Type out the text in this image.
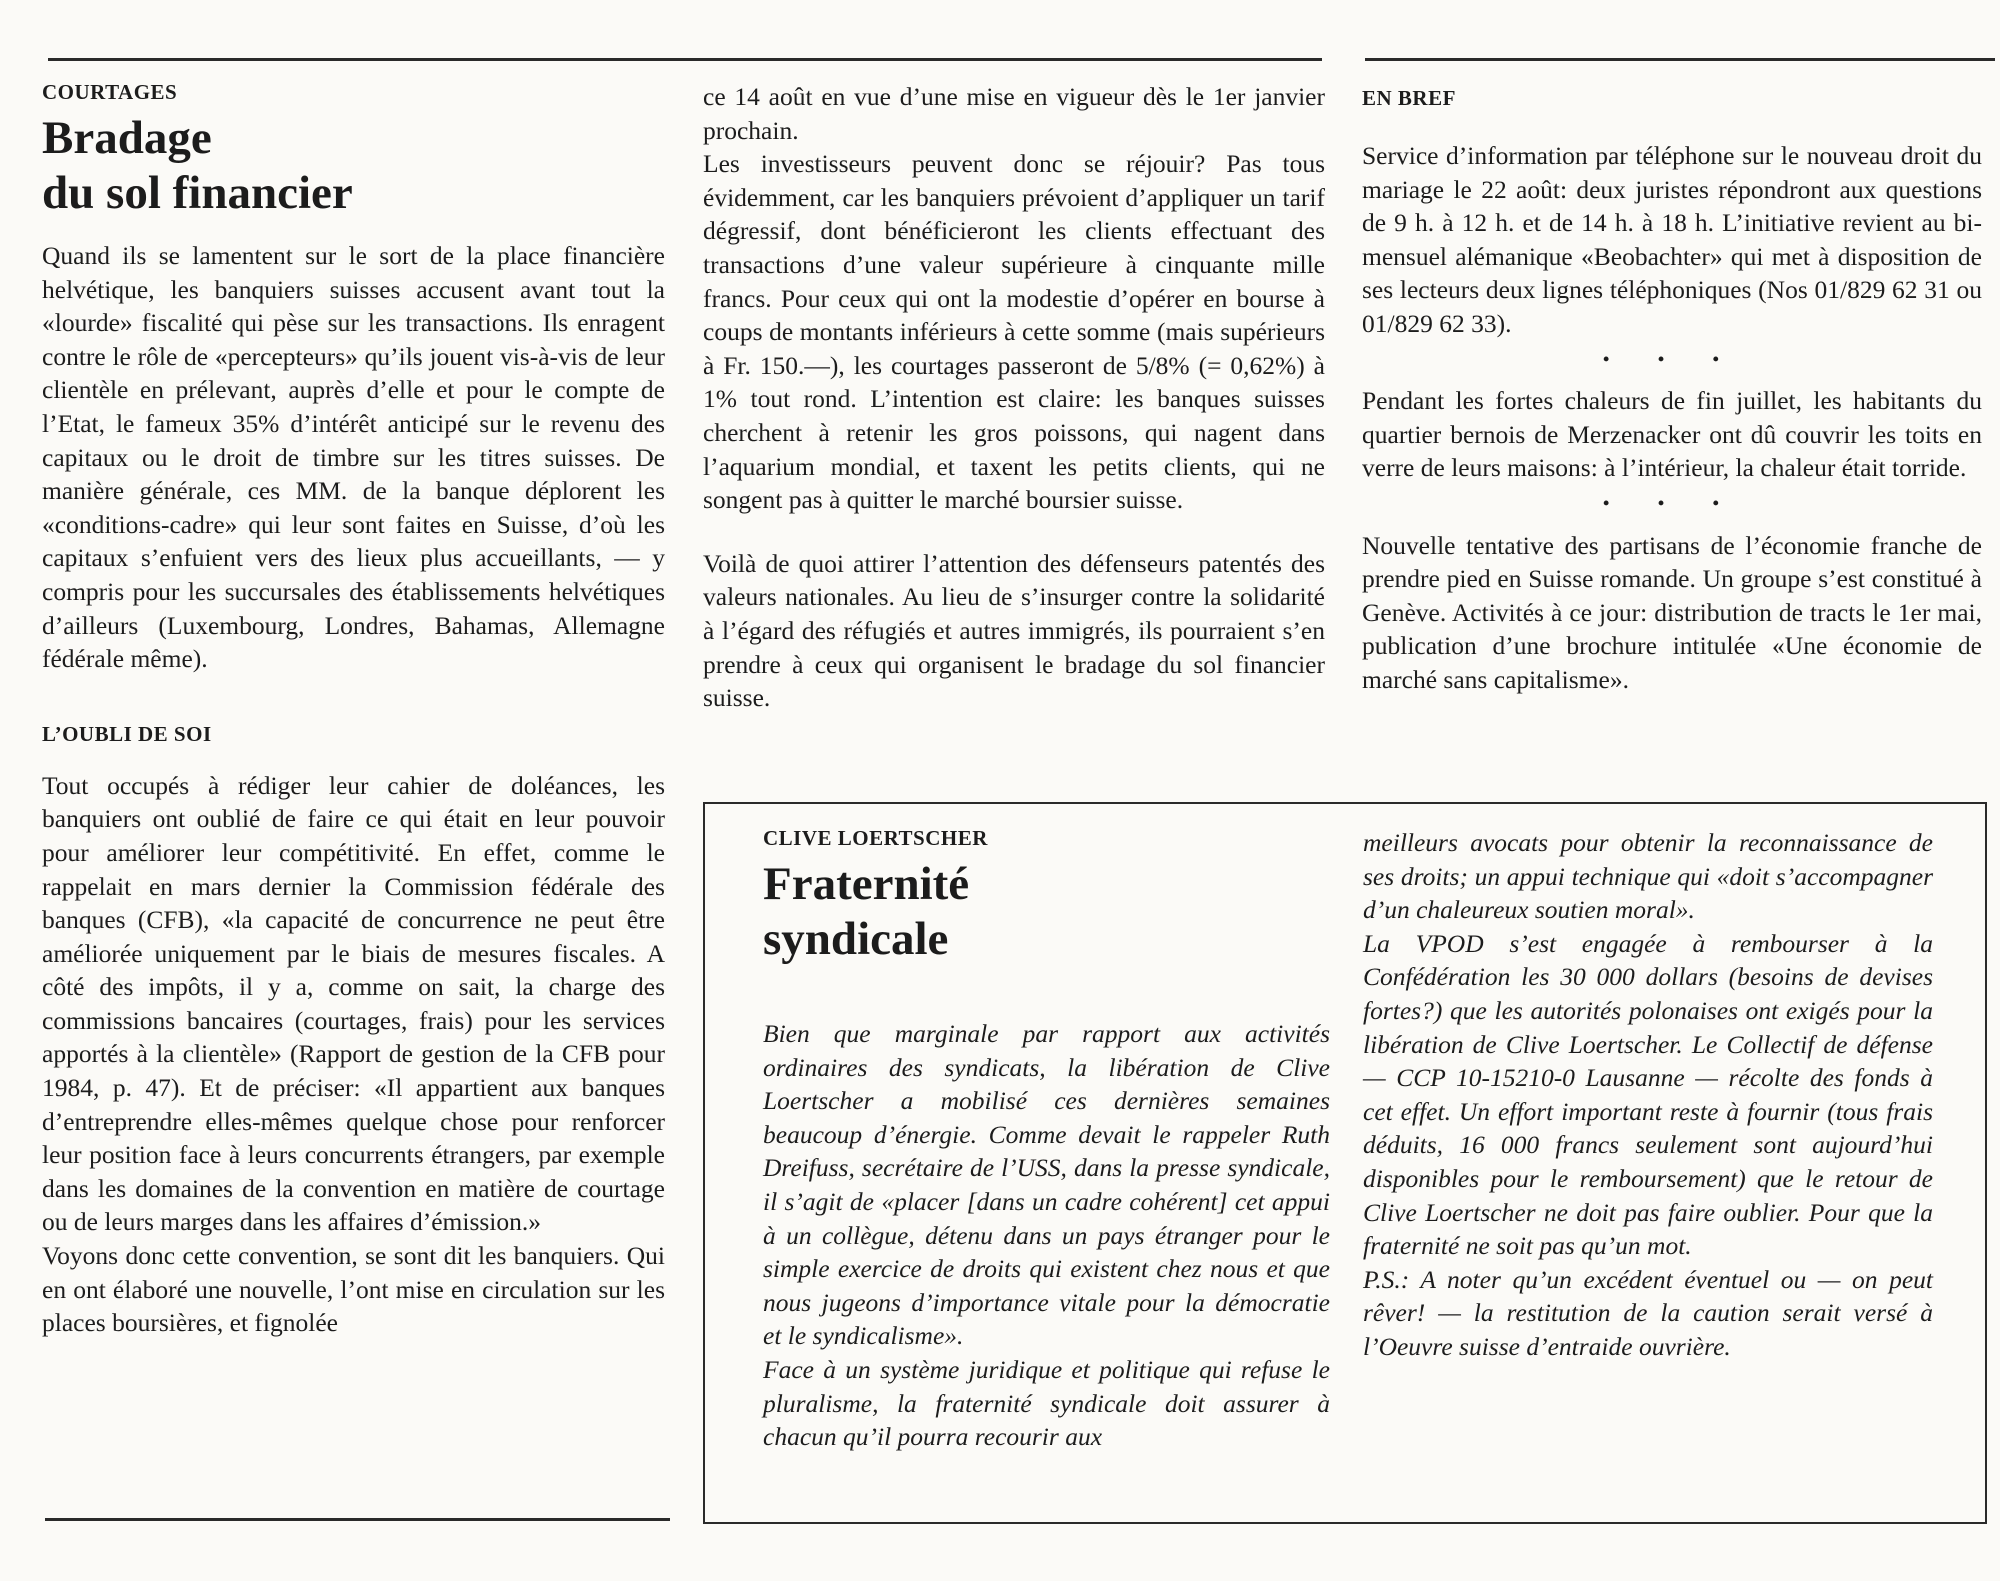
COURTAGES
Bradage
du sol financier

Quand ils se lamentent sur le sort de la place financière helvétique, les banquiers suisses accusent avant tout la «lourde» fiscalité qui pèse sur les transactions. Ils enragent contre le rôle de «percepteurs» qu’ils jouent vis-à-vis de leur clientèle en prélevant, auprès d’elle et pour le compte de l’Etat, le fameux 35% d’intérêt anticipé sur le revenu des capitaux ou le droit de timbre sur les titres suisses. De manière générale, ces MM. de la banque déplorent les «conditions-cadre» qui leur sont faites en Suisse, d’où les capitaux s’enfuient vers des lieux plus accueillants, — y compris pour les succursales des établissements helvétiques d’ailleurs (Luxembourg, Londres, Bahamas, Allemagne fédérale même).

L’OUBLI DE SOI

Tout occupés à rédiger leur cahier de doléances, les banquiers ont oublié de faire ce qui était en leur pouvoir pour améliorer leur compétitivité. En effet, comme le rappelait en mars dernier la Commission fédérale des banques (CFB), «la capacité de concurrence ne peut être améliorée uniquement par le biais de mesures fiscales. A côté des impôts, il y a, comme on sait, la charge des commissions bancaires (courtages, frais) pour les services apportés à la clientèle» (Rapport de gestion de la CFB pour 1984, p. 47). Et de préciser: «Il appartient aux banques d’entreprendre elles-mêmes quelque chose pour renforcer leur position face à leurs concurrents étrangers, par exemple dans les domaines de la convention en matière de courtage ou de leurs marges dans les affaires d’émission.»

Voyons donc cette convention, se sont dit les banquiers. Qui en ont élaboré une nouvelle, l’ont mise en circulation sur les places boursières, et fignolée

ce 14 août en vue d’une mise en vigueur dès le 1er janvier prochain.

Les investisseurs peuvent donc se réjouir? Pas tous évidemment, car les banquiers prévoient d’appliquer un tarif dégressif, dont bénéficieront les clients effectuant des transactions d’une valeur supérieure à cinquante mille francs. Pour ceux qui ont la modestie d’opérer en bourse à coups de montants inférieurs à cette somme (mais supérieurs à Fr. 150.—), les courtages passeront de 5/8% (= 0,62%) à 1% tout rond. L’intention est claire: les banques suisses cherchent à retenir les gros poissons, qui nagent dans l’aquarium mondial, et taxent les petits clients, qui ne songent pas à quitter le marché boursier suisse.

Voilà de quoi attirer l’attention des défenseurs patentés des valeurs nationales. Au lieu de s’insurger contre la solidarité à l’égard des réfugiés et autres immigrés, ils pourraient s’en prendre à ceux qui organisent le bradage du sol financier suisse.

EN BREF

Service d’information par téléphone sur le nouveau droit du mariage le 22 août: deux juristes répondront aux questions de 9 h. à 12 h. et de 14 h. à 18 h. L’initiative revient au bi-mensuel alémanique «Beobachter» qui met à disposition de ses lecteurs deux lignes téléphoniques (Nos 01/829 62 31 ou 01/829 62 33).

• • •

Pendant les fortes chaleurs de fin juillet, les habitants du quartier bernois de Merzenacker ont dû couvrir les toits en verre de leurs maisons: à l’intérieur, la chaleur était torride.

• • •

Nouvelle tentative des partisans de l’économie franche de prendre pied en Suisse romande. Un groupe s’est constitué à Genève. Activités à ce jour: distribution de tracts le 1er mai, publication d’une brochure intitulée «Une économie de marché sans capitalisme».

CLIVE LOERTSCHER
Fraternité
syndicale

Bien que marginale par rapport aux activités ordinaires des syndicats, la libération de Clive Loertscher a mobilisé ces dernières semaines beaucoup d’énergie. Comme devait le rappeler Ruth Dreifuss, secrétaire de l’USS, dans la presse syndicale, il s’agit de «placer [dans un cadre cohérent] cet appui à un collègue, détenu dans un pays étranger pour le simple exercice de droits qui existent chez nous et que nous jugeons d’importance vitale pour la démocratie et le syndicalisme».

Face à un système juridique et politique qui refuse le pluralisme, la fraternité syndicale doit assurer à chacun qu’il pourra recourir aux

meilleurs avocats pour obtenir la reconnaissance de ses droits; un appui technique qui «doit s’accompagner d’un chaleureux soutien moral».

La VPOD s’est engagée à rembourser à la Confédération les 30 000 dollars (besoins de devises fortes?) que les autorités polonaises ont exigés pour la libération de Clive Loertscher. Le Collectif de défense — CCP 10-15210-0 Lausanne — récolte des fonds à cet effet. Un effort important reste à fournir (tous frais déduits, 16 000 francs seulement sont aujourd’hui disponibles pour le remboursement) que le retour de Clive Loertscher ne doit pas faire oublier. Pour que la fraternité ne soit pas qu’un mot.

P.S.: A noter qu’un excédent éventuel ou — on peut rêver! — la restitution de la caution serait versé à l’Oeuvre suisse d’entraide ouvrière.
